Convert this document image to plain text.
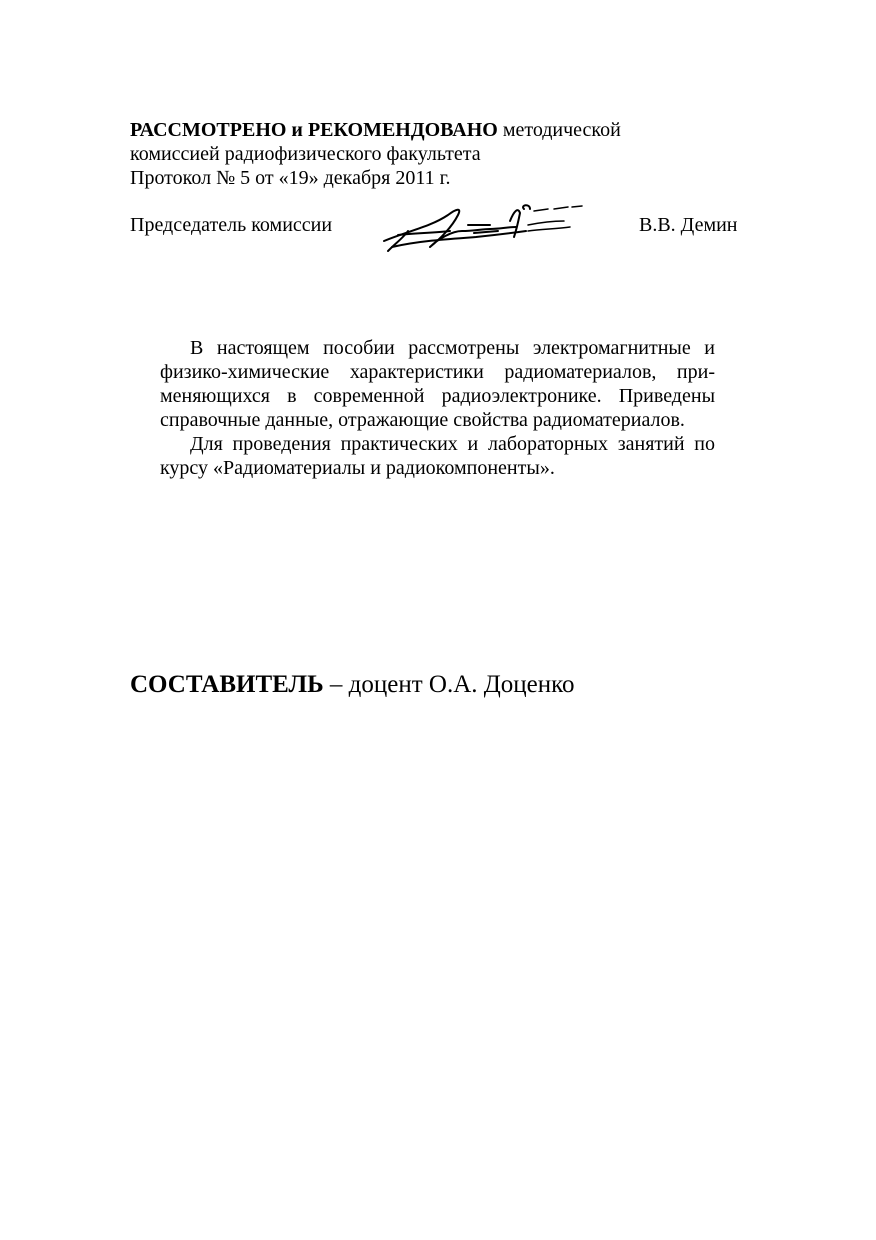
РАССМОТРЕНО и РЕКОМЕНДОВАНО методической
комиссией радиофизического факультета
Протокол № 5 от «19» декабря 2011 г.
Председатель комиссии	В.В. Демин

В настоящем пособии рассмотрены электромагнитные и физико-химические характеристики радиоматериалов, применяющихся в современной радиоэлектронике. Приведены справочные данные, отражающие свойства радиоматериалов.

Для проведения практических и лабораторных занятий по курсу «Радиоматериалы и радиокомпоненты».

СОСТАВИТЕЛЬ – доцент О.А. Доценко
